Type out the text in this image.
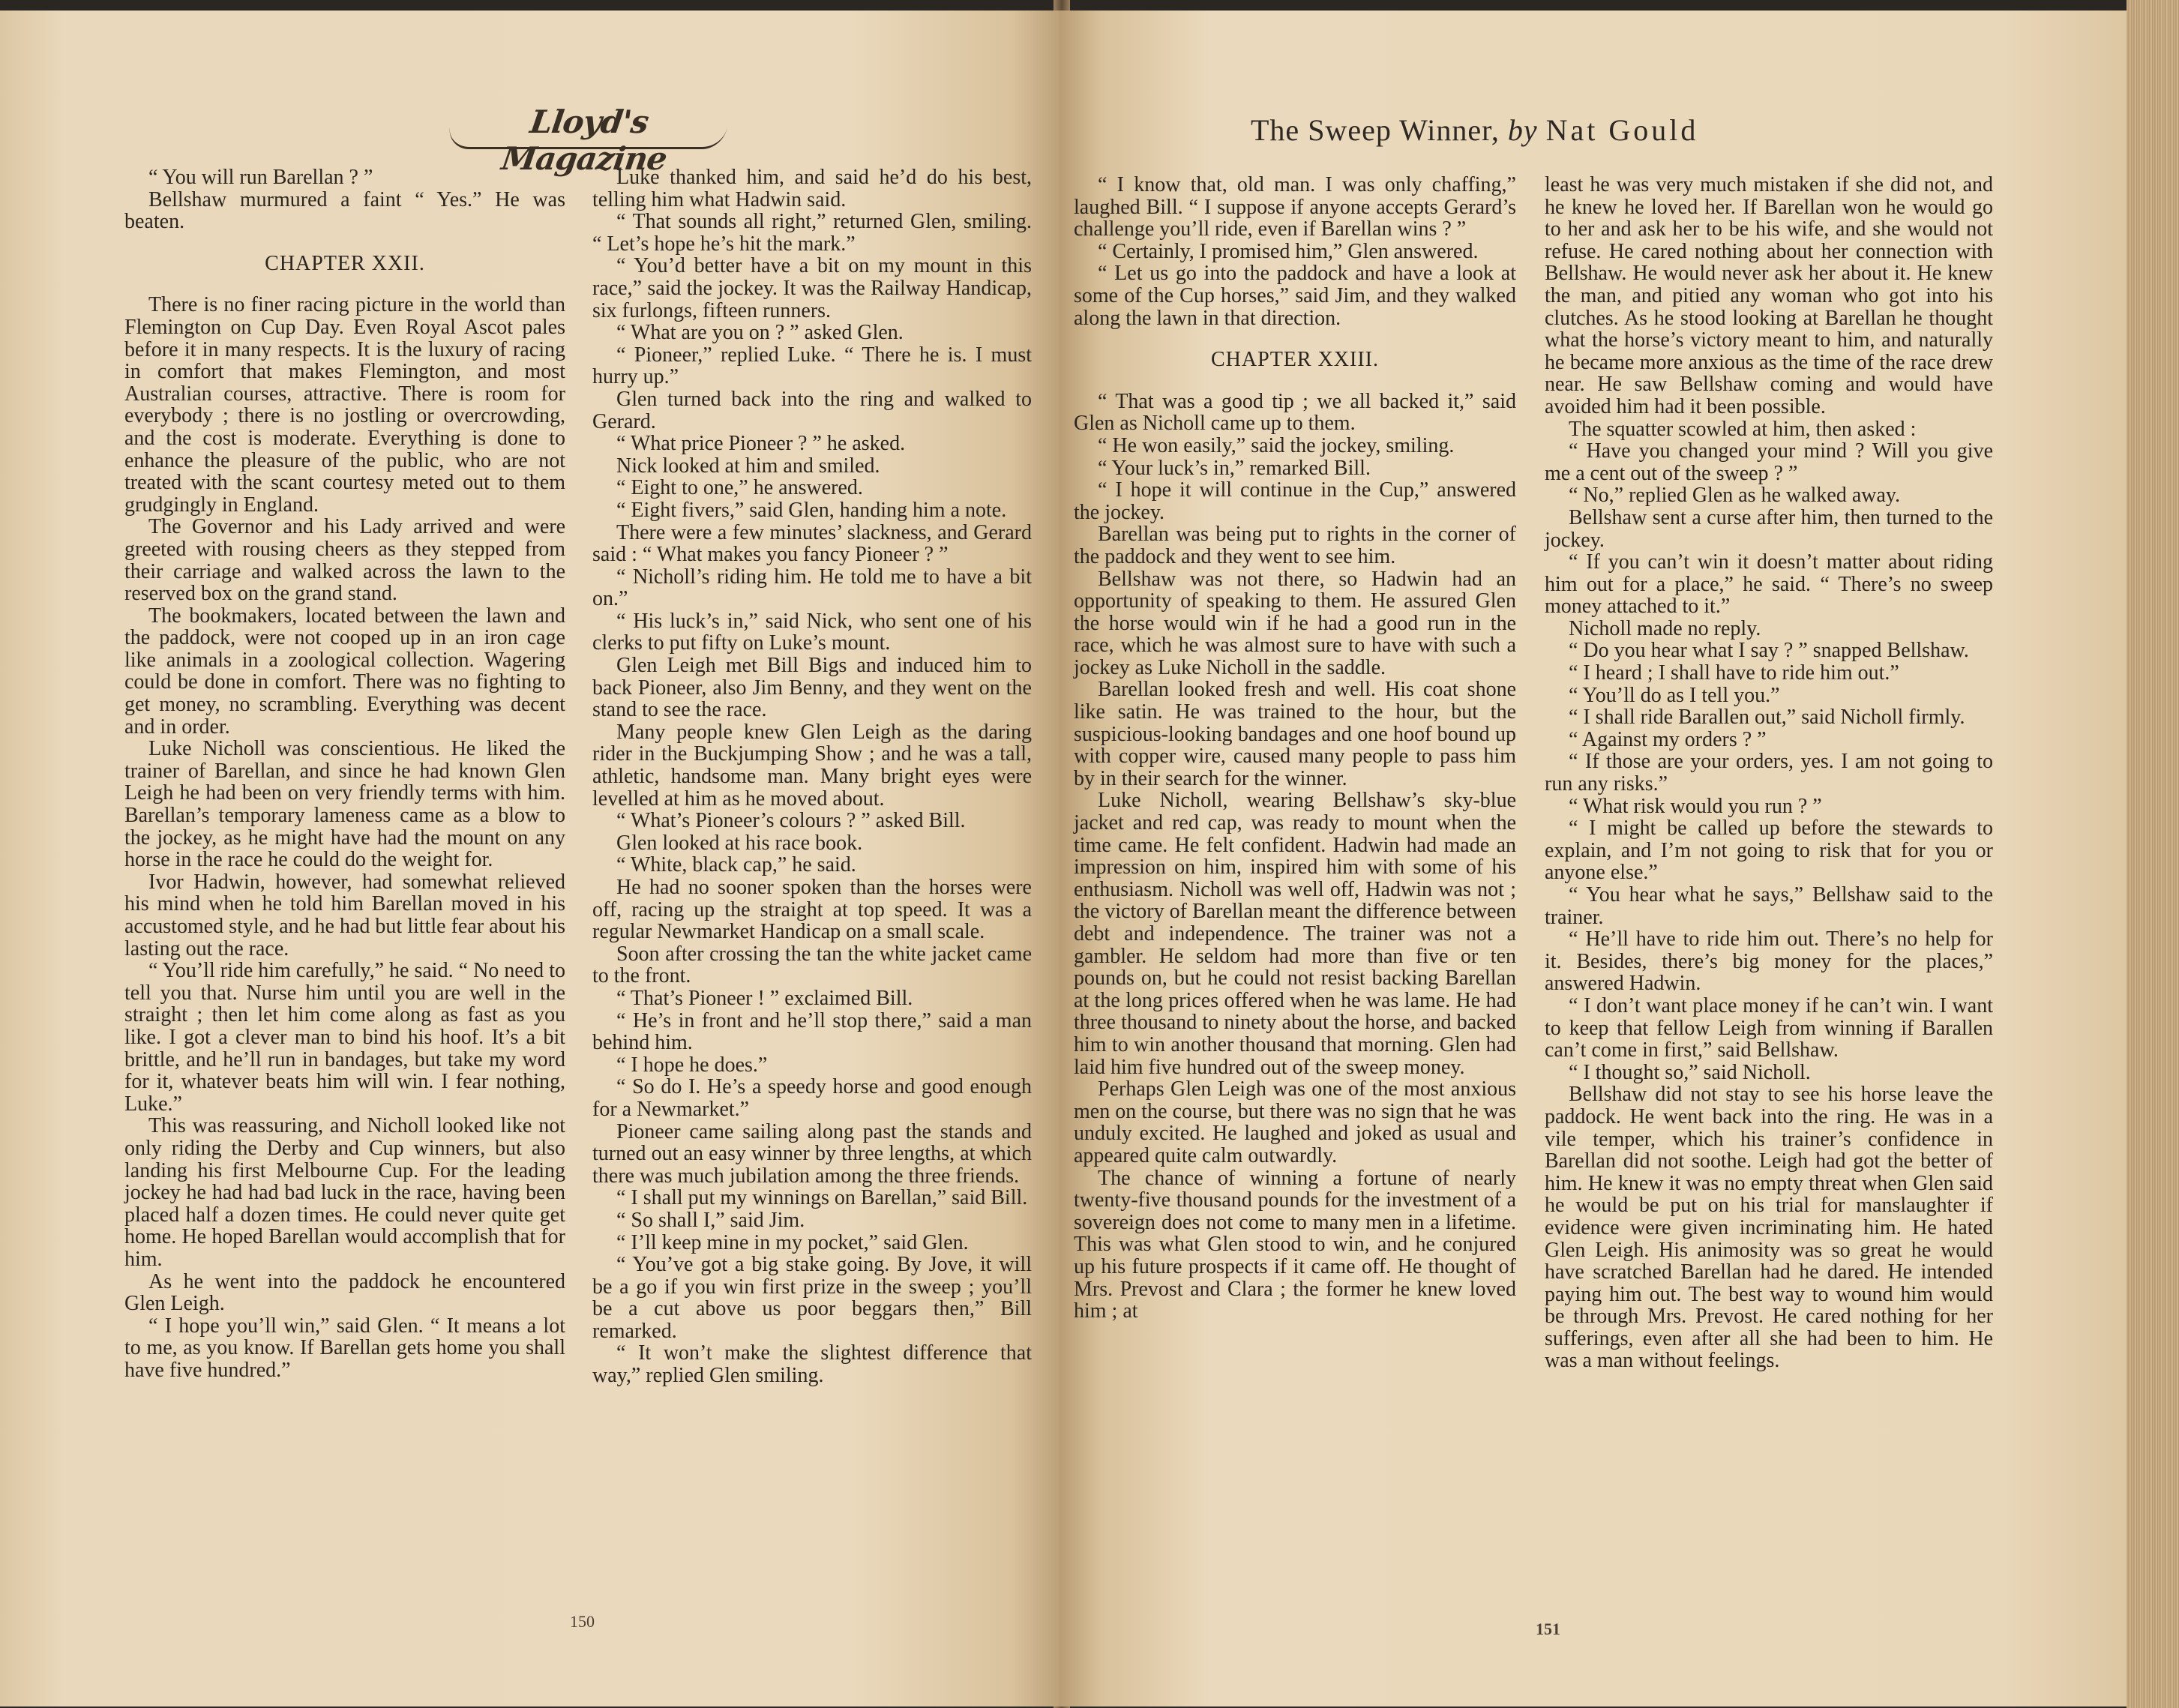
Lloyd's Magazine
The Sweep Winner, by Nat Gould

“ You will run Barellan ? ”

Bellshaw murmured a faint “ Yes.” He was beaten.

CHAPTER XXII.

There is no finer racing picture in the world than Flemington on Cup Day. Even Royal Ascot pales before it in many respects. It is the luxury of racing in comfort that makes Flemington, and most Australian courses, attractive. There is room for everybody ; there is no jostling or overcrowding, and the cost is moderate. Everything is done to enhance the pleasure of the public, who are not treated with the scant courtesy meted out to them grudgingly in England.

The Governor and his Lady arrived and were greeted with rousing cheers as they stepped from their carriage and walked across the lawn to the reserved box on the grand stand.

The bookmakers, located between the lawn and the paddock, were not cooped up in an iron cage like animals in a zoological collection. Wagering could be done in comfort. There was no fighting to get money, no scrambling. Everything was decent and in order.

Luke Nicholl was conscientious. He liked the trainer of Barellan, and since he had known Glen Leigh he had been on very friendly terms with him. Barellan’s temporary lameness came as a blow to the jockey, as he might have had the mount on any horse in the race he could do the weight for.

Ivor Hadwin, however, had somewhat relieved his mind when he told him Barellan moved in his accustomed style, and he had but little fear about his lasting out the race.

“ You’ll ride him carefully,” he said. “ No need to tell you that. Nurse him until you are well in the straight ; then let him come along as fast as you like. I got a clever man to bind his hoof. It’s a bit brittle, and he’ll run in bandages, but take my word for it, whatever beats him will win. I fear nothing, Luke.”

This was reassuring, and Nicholl looked like not only riding the Derby and Cup winners, but also landing his first Melbourne Cup. For the leading jockey he had had bad luck in the race, having been placed half a dozen times. He could never quite get home. He hoped Barellan would accomplish that for him.

As he went into the paddock he encountered Glen Leigh.

“ I hope you’ll win,” said Glen. “ It means a lot to me, as you know. If Barellan gets home you shall have five hundred.”

Luke thanked him, and said he’d do his best, telling him what Hadwin said.

“ That sounds all right,” returned Glen, smiling. “ Let’s hope he’s hit the mark.”

“ You’d better have a bit on my mount in this race,” said the jockey. It was the Railway Handicap, six furlongs, fifteen runners.

“ What are you on ? ” asked Glen.

“ Pioneer,” replied Luke. “ There he is. I must hurry up.”

Glen turned back into the ring and walked to Gerard.

“ What price Pioneer ? ” he asked.

Nick looked at him and smiled.

“ Eight to one,” he answered.

“ Eight fivers,” said Glen, handing him a note.

There were a few minutes’ slackness, and Gerard said : “ What makes you fancy Pioneer ? ”

“ Nicholl’s riding him. He told me to have a bit on.”

“ His luck’s in,” said Nick, who sent one of his clerks to put fifty on Luke’s mount.

Glen Leigh met Bill Bigs and induced him to back Pioneer, also Jim Benny, and they went on the stand to see the race.

Many people knew Glen Leigh as the daring rider in the Buckjumping Show ; and he was a tall, athletic, handsome man. Many bright eyes were levelled at him as he moved about.

“ What’s Pioneer’s colours ? ” asked Bill.

Glen looked at his race book.

“ White, black cap,” he said.

He had no sooner spoken than the horses were off, racing up the straight at top speed. It was a regular Newmarket Handicap on a small scale.

Soon after crossing the tan the white jacket came to the front.

“ That’s Pioneer ! ” exclaimed Bill.

“ He’s in front and he’ll stop there,” said a man behind him.

“ I hope he does.”

“ So do I. He’s a speedy horse and good enough for a Newmarket.”

Pioneer came sailing along past the stands and turned out an easy winner by three lengths, at which there was much jubilation among the three friends.

“ I shall put my winnings on Barellan,” said Bill.

“ So shall I,” said Jim.

“ I’ll keep mine in my pocket,” said Glen.

“ You’ve got a big stake going. By Jove, it will be a go if you win first prize in the sweep ; you’ll be a cut above us poor beggars then,” Bill remarked.

“ It won’t make the slightest difference that way,” replied Glen smiling.

“ I know that, old man. I was only chaffing,” laughed Bill. “ I suppose if anyone accepts Gerard’s challenge you’ll ride, even if Barellan wins ? ”

“ Certainly, I promised him,” Glen answered.

“ Let us go into the paddock and have a look at some of the Cup horses,” said Jim, and they walked along the lawn in that direction.

CHAPTER XXIII.

“ That was a good tip ; we all backed it,” said Glen as Nicholl came up to them.

“ He won easily,” said the jockey, smiling.

“ Your luck’s in,” remarked Bill.

“ I hope it will continue in the Cup,” answered the jockey.

Barellan was being put to rights in the corner of the paddock and they went to see him.

Bellshaw was not there, so Hadwin had an opportunity of speaking to them. He assured Glen the horse would win if he had a good run in the race, which he was almost sure to have with such a jockey as Luke Nicholl in the saddle.

Barellan looked fresh and well. His coat shone like satin. He was trained to the hour, but the suspicious-looking bandages and one hoof bound up with copper wire, caused many people to pass him by in their search for the winner.

Luke Nicholl, wearing Bellshaw’s sky-blue jacket and red cap, was ready to mount when the time came. He felt confident. Hadwin had made an impression on him, inspired him with some of his enthusiasm. Nicholl was well off, Hadwin was not ; the victory of Barellan meant the difference between debt and independence. The trainer was not a gambler. He seldom had more than five or ten pounds on, but he could not resist backing Barellan at the long prices offered when he was lame. He had three thousand to ninety about the horse, and backed him to win another thousand that morning. Glen had laid him five hundred out of the sweep money.

Perhaps Glen Leigh was one of the most anxious men on the course, but there was no sign that he was unduly excited. He laughed and joked as usual and appeared quite calm outwardly.

The chance of winning a fortune of nearly twenty-five thousand pounds for the investment of a sovereign does not come to many men in a lifetime. This was what Glen stood to win, and he conjured up his future prospects if it came off. He thought of Mrs. Prevost and Clara ; the former he knew loved him ; at

least he was very much mistaken if she did not, and he knew he loved her. If Barellan won he would go to her and ask her to be his wife, and she would not refuse. He cared nothing about her connection with Bellshaw. He would never ask her about it. He knew the man, and pitied any woman who got into his clutches. As he stood looking at Barellan he thought what the horse’s victory meant to him, and naturally he became more anxious as the time of the race drew near. He saw Bellshaw coming and would have avoided him had it been possible.

The squatter scowled at him, then asked :

“ Have you changed your mind ? Will you give me a cent out of the sweep ? ”

“ No,” replied Glen as he walked away.

Bellshaw sent a curse after him, then turned to the jockey.

“ If you can’t win it doesn’t matter about riding him out for a place,” he said. “ There’s no sweep money attached to it.”

Nicholl made no reply.

“ Do you hear what I say ? ” snapped Bellshaw.

“ I heard ; I shall have to ride him out.”

“ You’ll do as I tell you.”

“ I shall ride Barallen out,” said Nicholl firmly.

“ Against my orders ? ”

“ If those are your orders, yes. I am not going to run any risks.”

“ What risk would you run ? ”

“ I might be called up before the stewards to explain, and I’m not going to risk that for you or anyone else.”

“ You hear what he says,” Bellshaw said to the trainer.

“ He’ll have to ride him out. There’s no help for it. Besides, there’s big money for the places,” answered Hadwin.

“ I don’t want place money if he can’t win. I want to keep that fellow Leigh from winning if Barallen can’t come in first,” said Bellshaw.

“ I thought so,” said Nicholl.

Bellshaw did not stay to see his horse leave the paddock. He went back into the ring. He was in a vile temper, which his trainer’s confidence in Barellan did not soothe. Leigh had got the better of him. He knew it was no empty threat when Glen said he would be put on his trial for manslaughter if evidence were given incriminating him. He hated Glen Leigh. His animosity was so great he would have scratched Barellan had he dared. He intended paying him out. The best way to wound him would be through Mrs. Prevost. He cared nothing for her sufferings, even after all she had been to him. He was a man without feelings.

150	151
